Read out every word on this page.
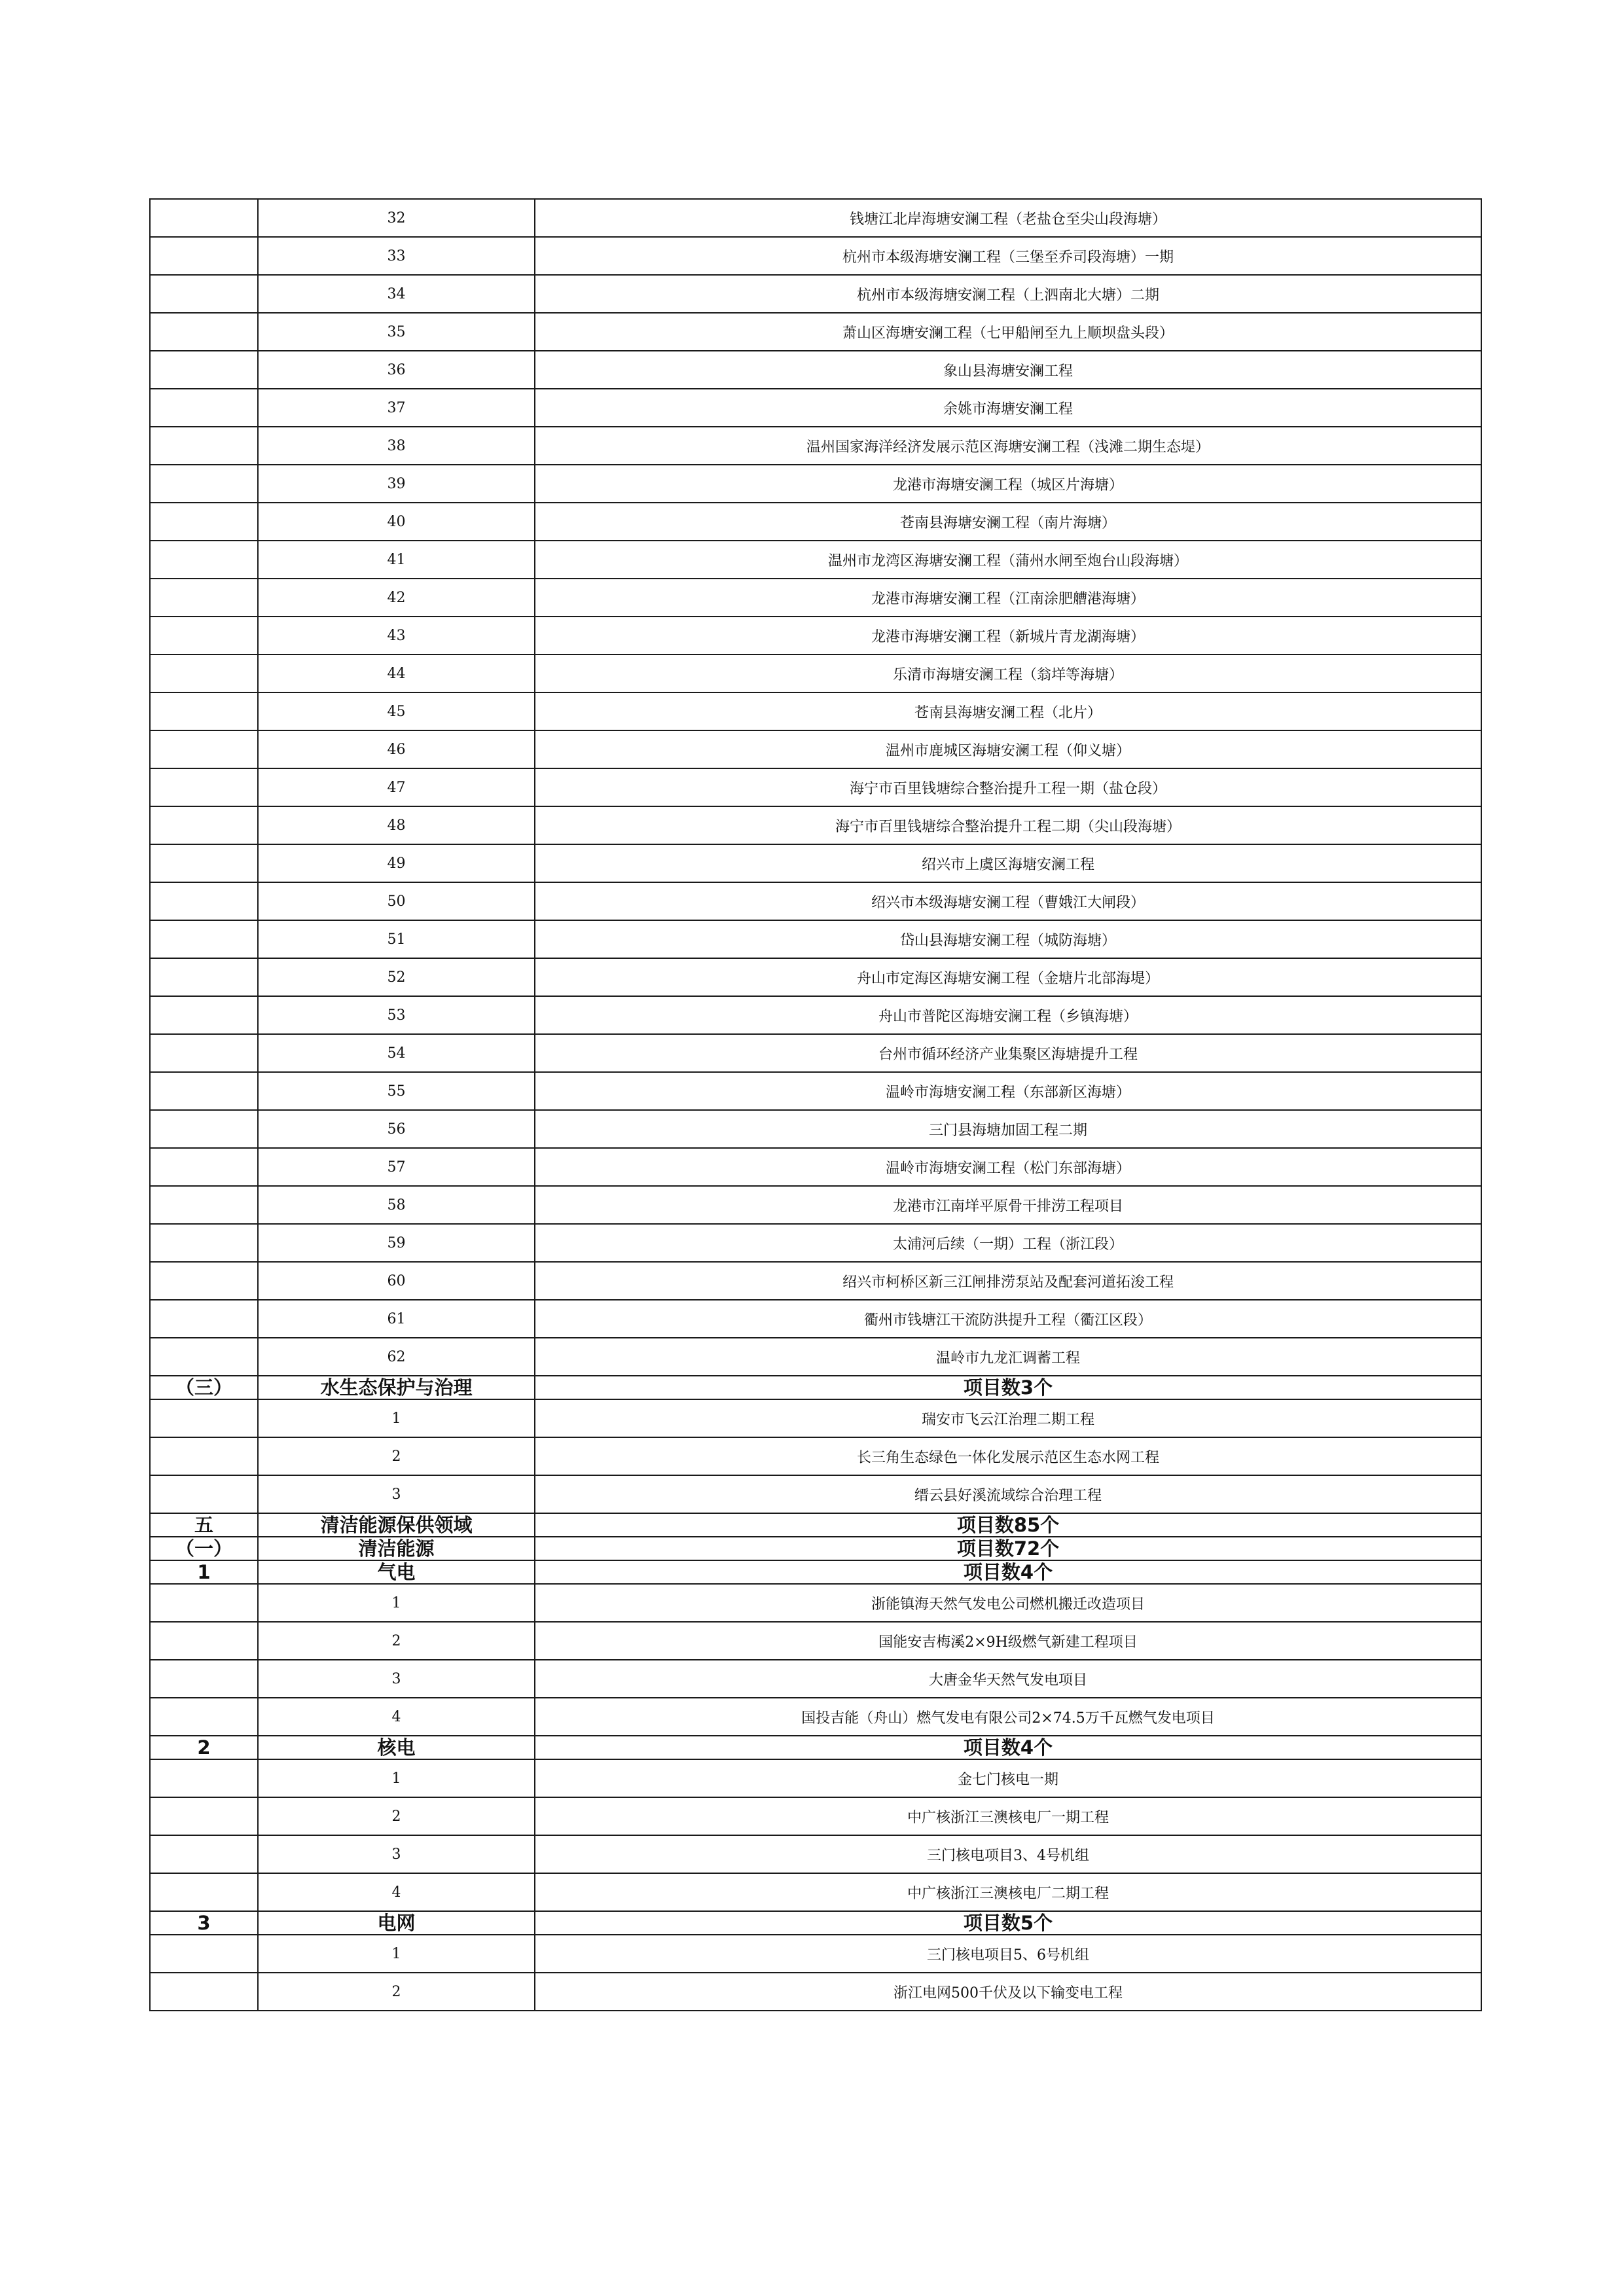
	32	钱塘江北岸海塘安澜工程（老盐仓至尖山段海塘）
	33	杭州市本级海塘安澜工程（三堡至乔司段海塘）一期
	34	杭州市本级海塘安澜工程（上泗南北大塘）二期
	35	萧山区海塘安澜工程（七甲船闸至九上顺坝盘头段）
	36	象山县海塘安澜工程
	37	余姚市海塘安澜工程
	38	温州国家海洋经济发展示范区海塘安澜工程（浅滩二期生态堤）
	39	龙港市海塘安澜工程（城区片海塘）
	40	苍南县海塘安澜工程（南片海塘）
	41	温州市龙湾区海塘安澜工程（蒲州水闸至炮台山段海塘）
	42	龙港市海塘安澜工程（江南涂肥艚港海塘）
	43	龙港市海塘安澜工程（新城片青龙湖海塘）
	44	乐清市海塘安澜工程（翁垟等海塘）
	45	苍南县海塘安澜工程（北片）
	46	温州市鹿城区海塘安澜工程（仰义塘）
	47	海宁市百里钱塘综合整治提升工程一期（盐仓段）
	48	海宁市百里钱塘综合整治提升工程二期（尖山段海塘）
	49	绍兴市上虞区海塘安澜工程
	50	绍兴市本级海塘安澜工程（曹娥江大闸段）
	51	岱山县海塘安澜工程（城防海塘）
	52	舟山市定海区海塘安澜工程（金塘片北部海堤）
	53	舟山市普陀区海塘安澜工程（乡镇海塘）
	54	台州市循环经济产业集聚区海塘提升工程
	55	温岭市海塘安澜工程（东部新区海塘）
	56	三门县海塘加固工程二期
	57	温岭市海塘安澜工程（松门东部海塘）
	58	龙港市江南垟平原骨干排涝工程项目
	59	太浦河后续（一期）工程（浙江段）
	60	绍兴市柯桥区新三江闸排涝泵站及配套河道拓浚工程
	61	衢州市钱塘江干流防洪提升工程（衢江区段）
	62	温岭市九龙汇调蓄工程
（三）	水生态保护与治理	项目数3个
	1	瑞安市飞云江治理二期工程
	2	长三角生态绿色一体化发展示范区生态水网工程
	3	缙云县好溪流域综合治理工程
五	清洁能源保供领域	项目数85个
（一）	清洁能源	项目数72个
1	气电	项目数4个
	1	浙能镇海天然气发电公司燃机搬迁改造项目
	2	国能安吉梅溪2×9H级燃气新建工程项目
	3	大唐金华天然气发电项目
	4	国投吉能（舟山）燃气发电有限公司2×74.5万千瓦燃气发电项目
2	核电	项目数4个
	1	金七门核电一期
	2	中广核浙江三澳核电厂一期工程
	3	三门核电项目3、4号机组
	4	中广核浙江三澳核电厂二期工程
3	电网	项目数5个
	1	三门核电项目5、6号机组
	2	浙江电网500千伏及以下输变电工程
